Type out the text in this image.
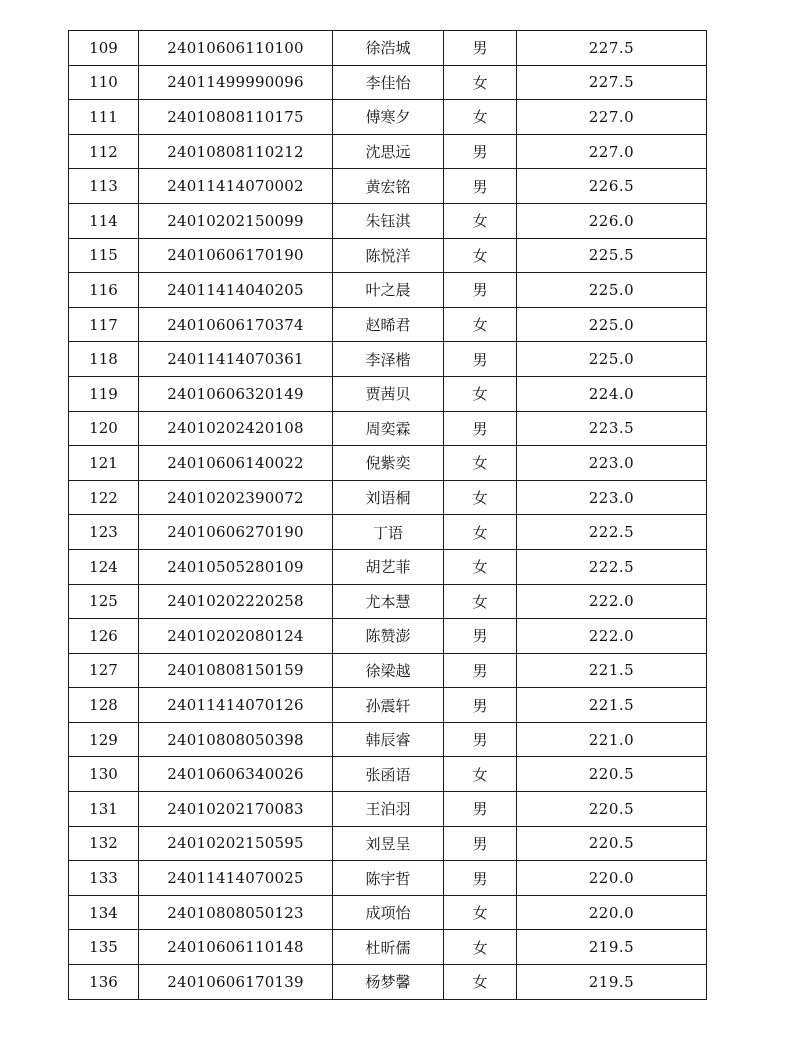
109	24010606110100	徐浩城	男	227.5
110	24011499990096	李佳怡	女	227.5
111	24010808110175	傅寒夕	女	227.0
112	24010808110212	沈思远	男	227.0
113	24011414070002	黄宏铭	男	226.5
114	24010202150099	朱钰淇	女	226.0
115	24010606170190	陈悦洋	女	225.5
116	24011414040205	叶之晨	男	225.0
117	24010606170374	赵晞君	女	225.0
118	24011414070361	李泽楷	男	225.0
119	24010606320149	贾茜贝	女	224.0
120	24010202420108	周奕霖	男	223.5
121	24010606140022	倪紫奕	女	223.0
122	24010202390072	刘语桐	女	223.0
123	24010606270190	丁语	女	222.5
124	24010505280109	胡艺菲	女	222.5
125	24010202220258	尤本慧	女	222.0
126	24010202080124	陈赞澎	男	222.0
127	24010808150159	徐梁越	男	221.5
128	24011414070126	孙震轩	男	221.5
129	24010808050398	韩辰睿	男	221.0
130	24010606340026	张函语	女	220.5
131	24010202170083	王泊羽	男	220.5
132	24010202150595	刘昱呈	男	220.5
133	24011414070025	陈宇哲	男	220.0
134	24010808050123	成项怡	女	220.0
135	24010606110148	杜昕儒	女	219.5
136	24010606170139	杨梦馨	女	219.5
